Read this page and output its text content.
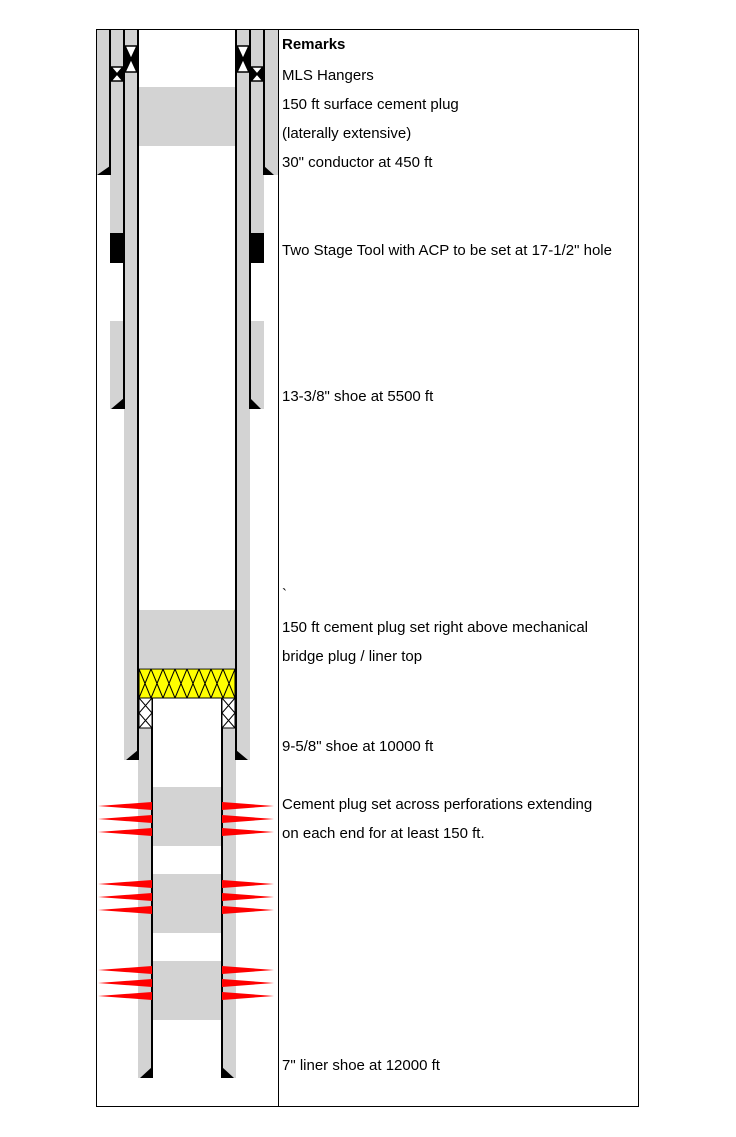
Remarks
MLS Hangers
150 ft surface cement plug
(laterally extensive)
30" conductor at 450 ft
Two Stage Tool with ACP to be set at 17-1/2" hole
13-3/8" shoe at 5500 ft
`
150 ft cement plug set right above mechanical
bridge plug / liner top
9-5/8" shoe at 10000 ft
Cement plug set across perforations extending
on each end for at least 150 ft.
7" liner shoe at 12000 ft
